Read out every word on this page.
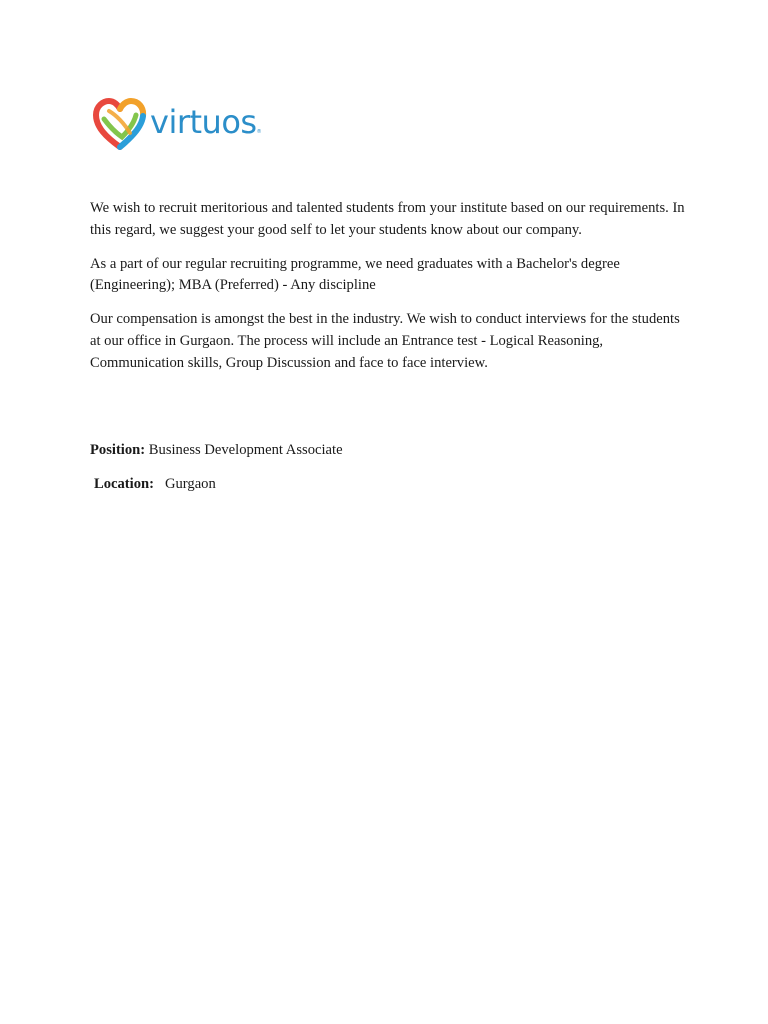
virtuos ®

We wish to recruit meritorious and talented students from your institute based on our requirements. In this regard, we suggest your good self to let your students know about our company.

As a part of our regular recruiting programme, we need graduates with a Bachelor's degree (Engineering); MBA (Preferred) - Any discipline

Our compensation is amongst the best in the industry. We wish to conduct interviews for the students at our office in Gurgaon. The process will include an Entrance test - Logical Reasoning, Communication skills, Group Discussion and face to face interview.

Position: Business Development Associate
Location: Gurgaon
